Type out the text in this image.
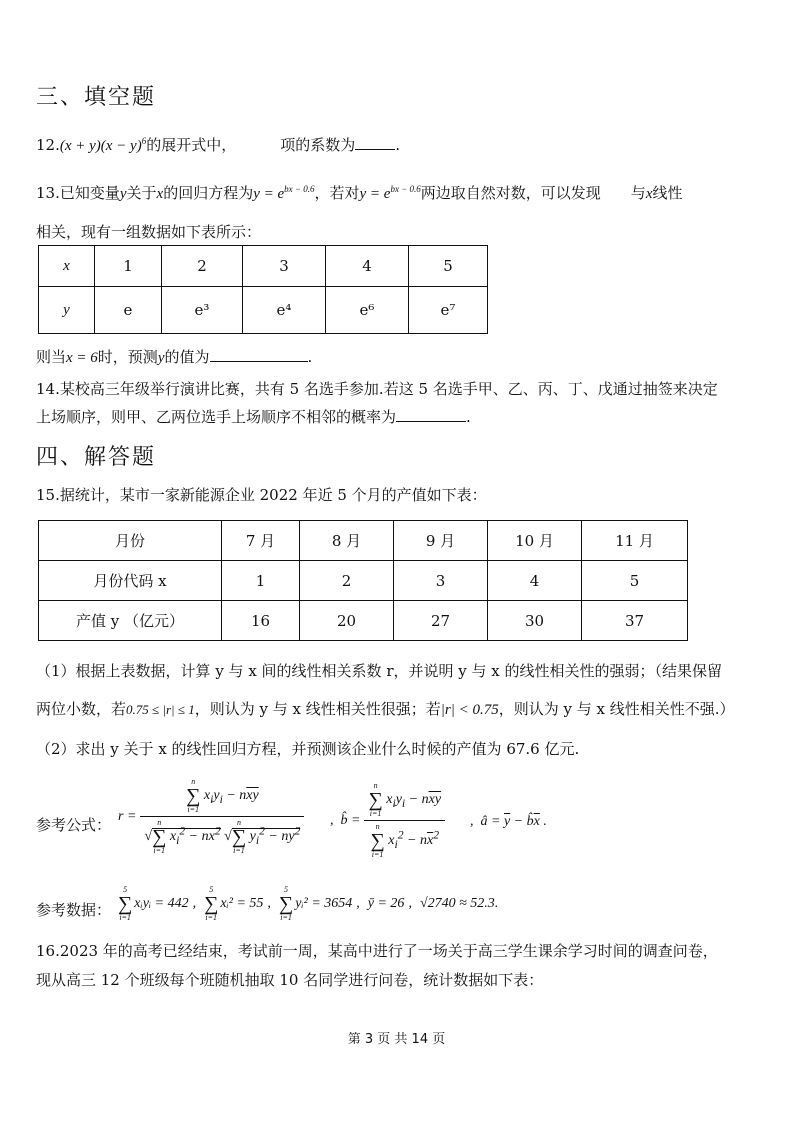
三、填空题
$12.(x + y)(x - y)^6$的展开式中，	项的系数为	.
13.已知变量y关于x的回归方程为$y = e^{bx - 0.6}$，若对$y = e^{bx - 0.6}$两边取自然对数，可以发现 与x线性
相关，现有一组数据如下表所示：
x	1	2	3	4	5
y	e	e³	e⁴	e⁶	e⁷
则当x = 6时，预测y的值为	.
14.某校高三年级举行演讲比赛，共有 5 名选手参加.若这 5 名选手甲、乙、丙、丁、戊通过抽签来决定
上场顺序，则甲、乙两位选手上场顺序不相邻的概率为	.
四、解答题
15.据统计，某市一家新能源企业 2022 年近 5 个月的产值如下表：
月份	7 月	8 月	9 月	10 月	11 月
月份代码 x	1	2	3	4	5
产值 y （亿元）	16	20	27	30	37
（1）根据上表数据，计算 y 与 x 间的线性相关系数 r，并说明 y 与 x 的线性相关性的强弱；（结果保留
两位小数，若0.75 ≤ |r| ≤ 1，则认为 y 与 x 线性相关性很强；若|r| < 0.75，则认为 y 与 x 线性相关性不强.）
（2）求出 y 关于 x 的线性回归方程，并预测该企业什么时候的产值为 67.6 亿元.
参考公式： r = n
∑
i=1
$x_iy_i - n\overline{xy}$
√
n
∑
i=1
$x_i^2 - n\overline{x}^2$ √
n
∑
i=1
$y_i^2 - n\overline{y}^2$ ,  b̂ = n
∑
i=1
$x_iy_i - n\overline{xy}$
n
∑
i=1
$x_i^2 - n\overline{x}^2$ ,  â = $\overline{y}$ − $b̂\overline{x}$ .
参考数据：
5
∑
i=1
xᵢyᵢ = 442 ,
5
∑
i=1
xᵢ² = 55 ,
5
∑
i=1
yᵢ² = 3654 , ȳ = 26 , √2740 ≈ 52.3 .
16.2023 年的高考已经结束，考试前一周，某高中进行了一场关于高三学生课余学习时间的调查问卷，
现从高三 12 个班级每个班随机抽取 10 名同学进行问卷，统计数据如下表：
第 3 页 共 14 页
